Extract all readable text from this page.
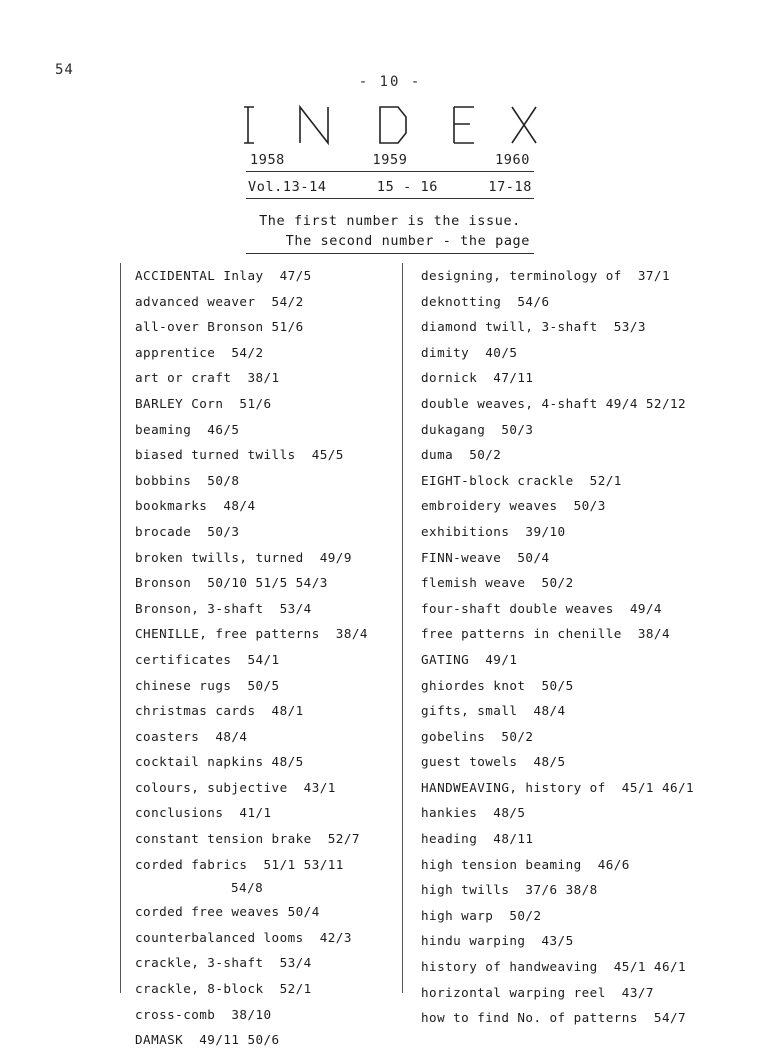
54
- 10 -
1958	1959	1960
Vol.13-14	15 - 16	17-18
The first number is the issue.
The second number - the page
ACCIDENTAL Inlay  47/5
advanced weaver  54/2
all-over Bronson 51/6
apprentice  54/2
art or craft  38/1
BARLEY Corn  51/6
beaming  46/5
biased turned twills  45/5
bobbins  50/8
bookmarks  48/4
brocade  50/3
broken twills, turned  49/9
Bronson  50/10 51/5 54/3
Bronson, 3-shaft  53/4
CHENILLE, free patterns  38/4
certificates  54/1
chinese rugs  50/5
christmas cards  48/1
coasters  48/4
cocktail napkins 48/5
colours, subjective  43/1
conclusions  41/1
constant tension brake  52/7
corded fabrics  51/1 53/11
54/8
corded free weaves 50/4
counterbalanced looms  42/3
crackle, 3-shaft  53/4
crackle, 8-block  52/1
cross-comb  38/10
DAMASK  49/11 50/6
designing, terminology of  37/1
deknotting  54/6
diamond twill, 3-shaft  53/3
dimity  40/5
dornick  47/11
double weaves, 4-shaft 49/4 52/12
dukagang  50/3
duma  50/2
EIGHT-block crackle  52/1
embroidery weaves  50/3
exhibitions  39/10
FINN-weave  50/4
flemish weave  50/2
four-shaft double weaves  49/4
free patterns in chenille  38/4
GATING  49/1
ghiordes knot  50/5
gifts, small  48/4
gobelins  50/2
guest towels  48/5
HANDWEAVING, history of  45/1 46/1
hankies  48/5
heading  48/11
high tension beaming  46/6
high twills  37/6 38/8
high warp  50/2
hindu warping  43/5
history of handweaving  45/1 46/1
horizontal warping reel  43/7
how to find No. of patterns  54/7
